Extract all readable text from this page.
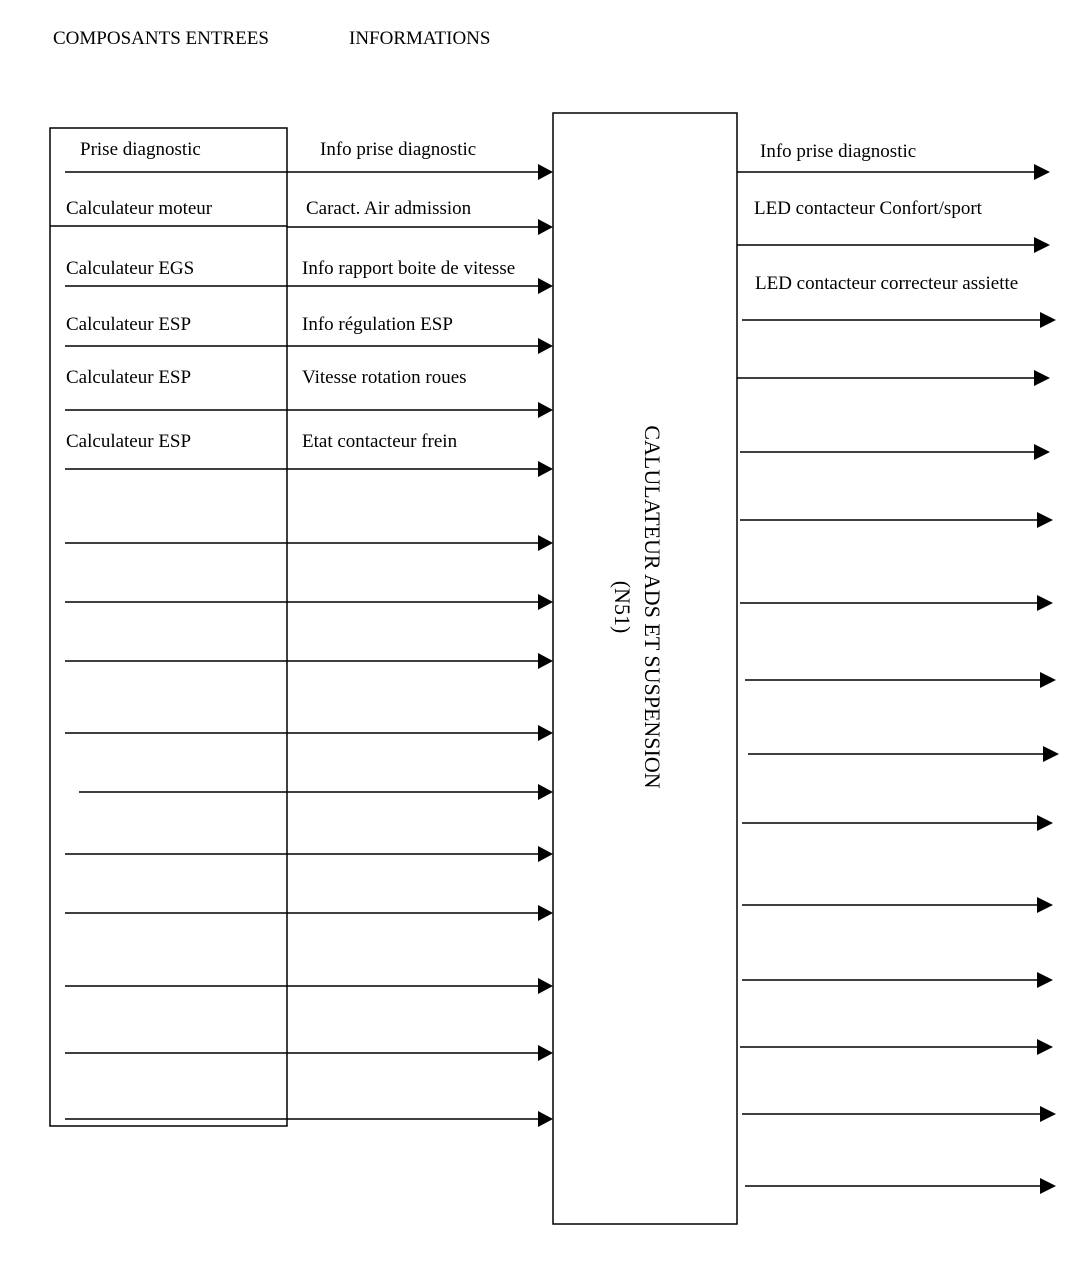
COMPOSANTS ENTREES	INFORMATIONS
CALULATEUR ADS ET SUSPENSION
(N51)
Prise diagnostic
Calculateur moteur
Calculateur EGS
Calculateur ESP
Calculateur ESP
Calculateur ESP
Info prise diagnostic
Caract. Air admission
Info rapport boite de vitesse
Info régulation ESP
Vitesse rotation roues
Etat contacteur frein
Info prise diagnostic
LED contacteur Confort/sport
LED contacteur correcteur assiette
